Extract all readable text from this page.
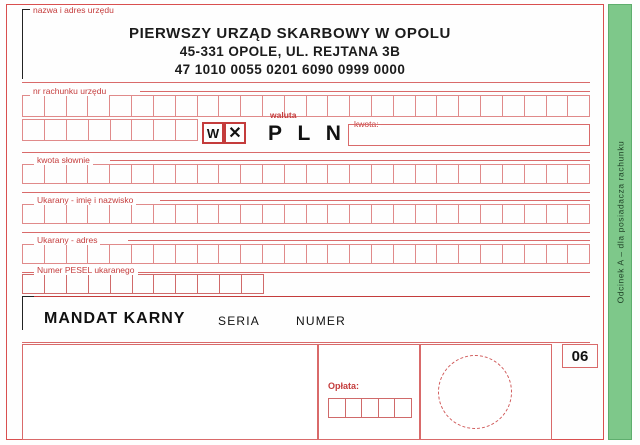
Odcinek A – dla posiadacza rachunku
nazwa i adres urzędu
PIERWSZY URZĄD SKARBOWY W OPOLU
45-331 OPOLE, UL. REJTANA 3B
47 1010 0055 0201 6090 0999 0000
nr rachunku urzędu
W ✕
waluta
P L N kwota:
kwota słownie
Ukarany - imię i nazwisko
Ukarany - adres
Numer PESEL ukaranego
MANDAT KARNY	SERIA	NUMER
Opłata:
06
